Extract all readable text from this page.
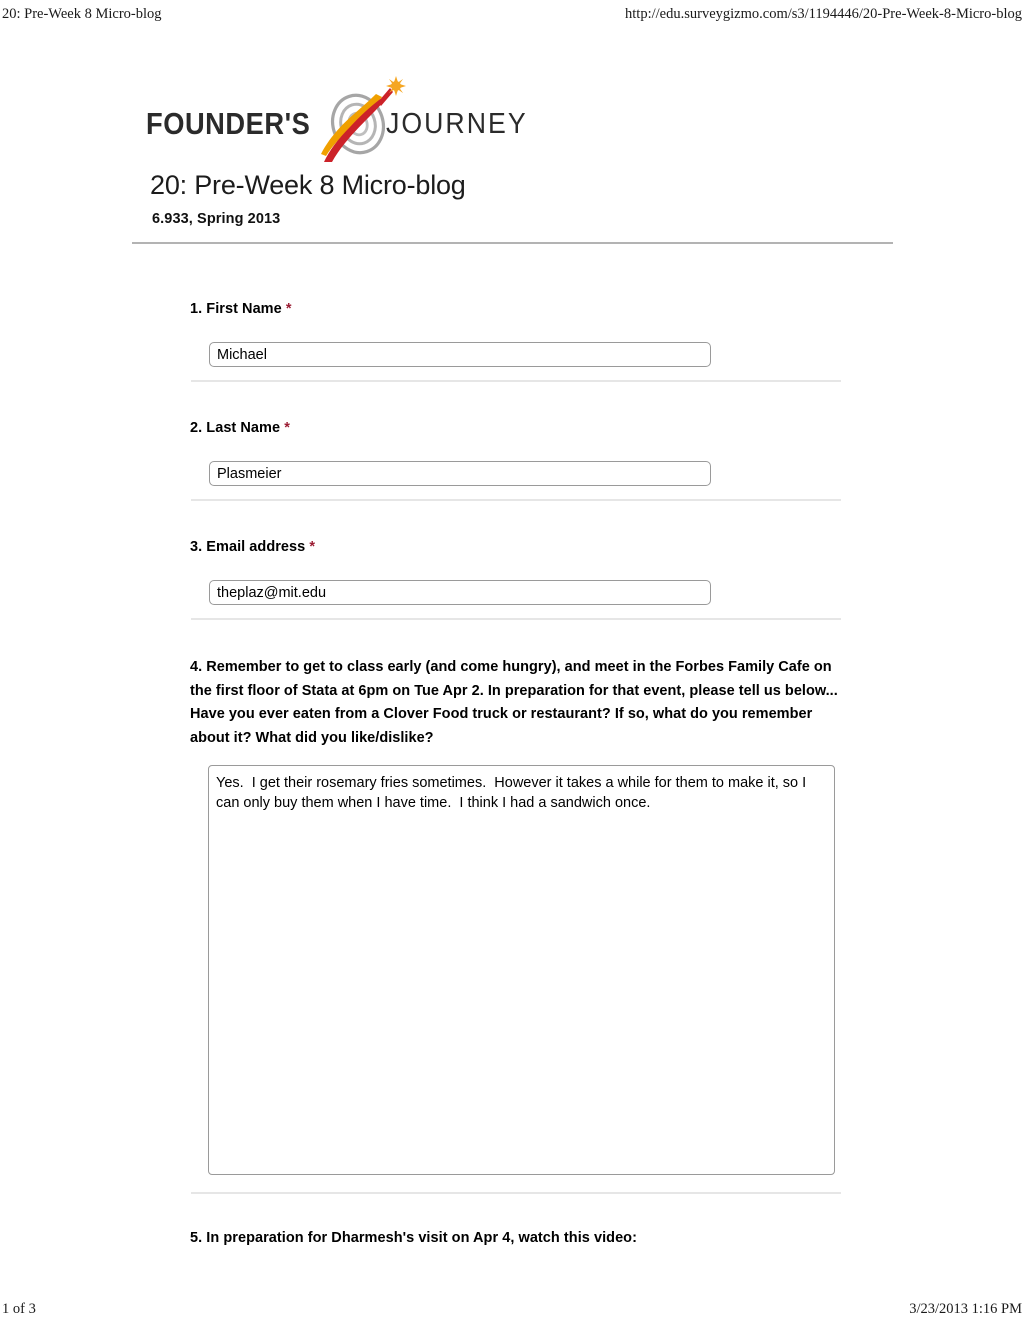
20: Pre-Week 8 Micro-blog	http://edu.surveygizmo.com/s3/1194446/20-Pre-Week-8-Micro-blog
FOUNDER'S	JOURNEY
20: Pre-Week 8 Micro-blog
6.933, Spring 2013
1. First Name *
Michael
2. Last Name *
Plasmeier
3. Email address *
theplaz@mit.edu
4. Remember to get to class early (and come hungry), and meet in the Forbes Family Cafe on the first floor of Stata at 6pm on Tue Apr 2. In preparation for that event, please tell us below... Have you ever eaten from a Clover Food truck or restaurant? If so, what do you remember about it? What did you like/dislike?
Yes. I get their rosemary fries sometimes. However it takes a while for them to make it, so I can only buy them when I have time. I think I had a sandwich once.
5. In preparation for Dharmesh's visit on Apr 4, watch this video:
1 of 3	3/23/2013 1:16 PM
